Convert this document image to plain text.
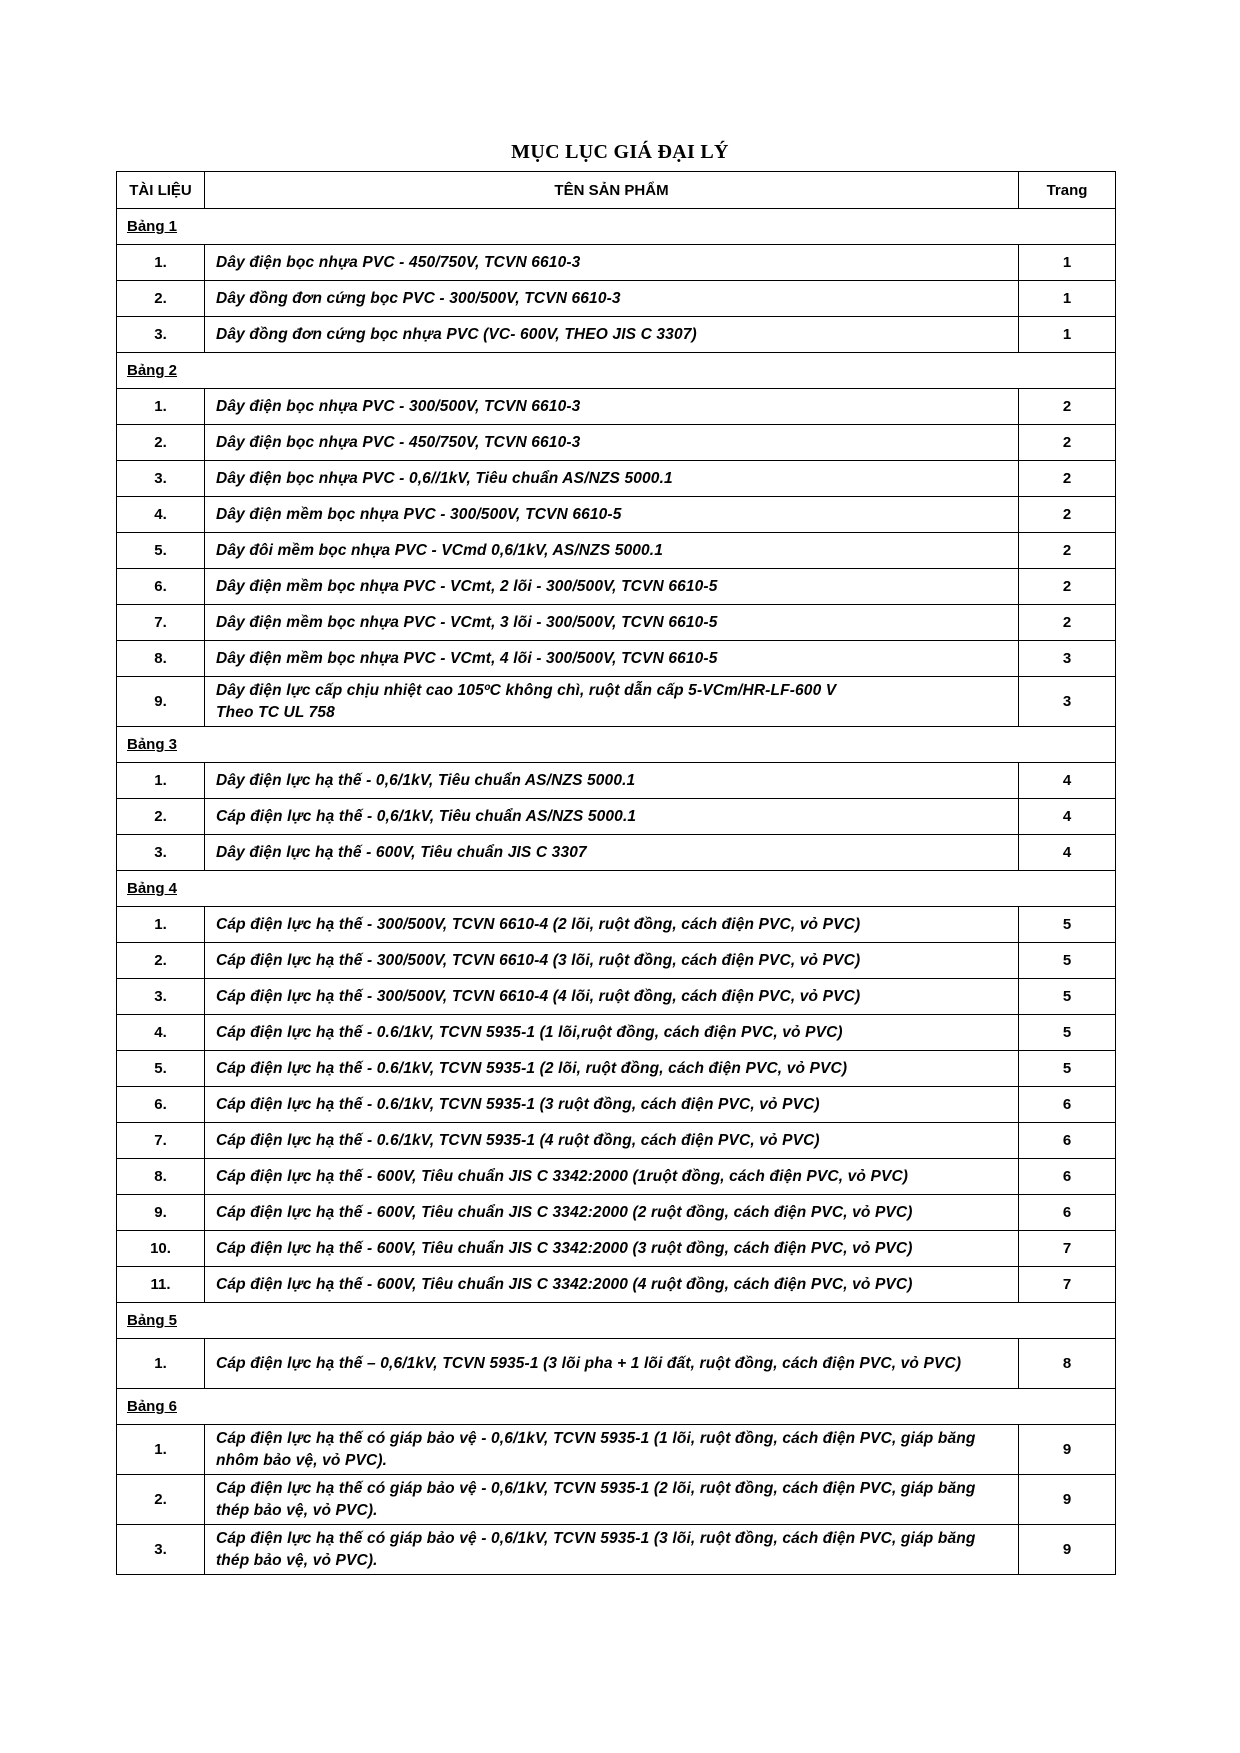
MỤC LỤC GIÁ ĐẠI LÝ
TÀI LIỆU	TÊN SẢN PHẨM	Trang
Bảng 1		
1.	Dây điện bọc nhựa PVC - 450/750V, TCVN 6610-3	1
2.	Dây đồng đơn cứng bọc PVC - 300/500V, TCVN 6610-3	1
3.	Dây đồng đơn cứng bọc nhựa PVC (VC- 600V, THEO JIS C 3307)	1
Bảng 2		
1.	Dây điện bọc nhựa PVC - 300/500V, TCVN 6610-3	2
2.	Dây điện bọc nhựa PVC - 450/750V, TCVN 6610-3	2
3.	Dây điện bọc nhựa PVC - 0,6//1kV, Tiêu chuẩn AS/NZS 5000.1	2
4.	Dây điện mềm bọc nhựa PVC - 300/500V, TCVN 6610-5	2
5.	Dây đôi mềm bọc nhựa PVC - VCmd 0,6/1kV, AS/NZS 5000.1	2
6.	Dây điện mềm bọc nhựa PVC - VCmt, 2 lõi - 300/500V, TCVN 6610-5	2
7.	Dây điện mềm bọc nhựa PVC - VCmt, 3 lõi - 300/500V, TCVN 6610-5	2
8.	Dây điện mềm bọc nhựa PVC - VCmt, 4 lõi - 300/500V, TCVN 6610-5	3
9.	Dây điện lực cấp chịu nhiệt cao 105ºC không chì, ruột dẫn cấp 5-VCm/HR-LF-600 V
Theo TC UL 758	3
Bảng 3		
1.	Dây điện lực hạ thế - 0,6/1kV, Tiêu chuẩn AS/NZS 5000.1	4
2.	Cáp điện lực hạ thế - 0,6/1kV, Tiêu chuẩn AS/NZS 5000.1	4
3.	Dây điện lực hạ thế - 600V, Tiêu chuẩn JIS C 3307	4
Bảng 4		
1.	Cáp điện lực hạ thế - 300/500V, TCVN 6610-4 (2 lõi, ruột đồng, cách điện PVC, vỏ PVC)	5
2.	Cáp điện lực hạ thế - 300/500V, TCVN 6610-4 (3 lõi, ruột đồng, cách điện PVC, vỏ PVC)	5
3.	Cáp điện lực hạ thế - 300/500V, TCVN 6610-4 (4 lõi, ruột đồng, cách điện PVC, vỏ PVC)	5
4.	Cáp điện lực hạ thế - 0.6/1kV, TCVN 5935-1 (1 lõi,ruột đồng, cách điện PVC, vỏ PVC)	5
5.	Cáp điện lực hạ thế - 0.6/1kV, TCVN 5935-1 (2 lõi, ruột đồng, cách điện PVC, vỏ PVC)	5
6.	Cáp điện lực hạ thế - 0.6/1kV, TCVN 5935-1 (3 ruột đồng, cách điện PVC, vỏ PVC)	6
7.	Cáp điện lực hạ thế - 0.6/1kV, TCVN 5935-1 (4 ruột đồng, cách điện PVC, vỏ PVC)	6
8.	Cáp điện lực hạ thế - 600V, Tiêu chuẩn JIS C 3342:2000 (1ruột đồng, cách điện PVC, vỏ PVC)	6
9.	Cáp điện lực hạ thế - 600V, Tiêu chuẩn JIS C 3342:2000 (2 ruột đồng, cách điện PVC, vỏ PVC)	6
10.	Cáp điện lực hạ thế - 600V, Tiêu chuẩn JIS C 3342:2000 (3 ruột đồng, cách điện PVC, vỏ PVC)	7
11.	Cáp điện lực hạ thế - 600V, Tiêu chuẩn JIS C 3342:2000 (4 ruột đồng, cách điện PVC, vỏ PVC)	7
Bảng 5		
1.	Cáp điện lực hạ thế – 0,6/1kV, TCVN 5935-1 (3 lõi pha + 1 lõi đất, ruột đồng, cách điện PVC, vỏ PVC)	8
Bảng 6		
1.	Cáp điện lực hạ thế có giáp bảo vệ - 0,6/1kV, TCVN 5935-1 (1 lõi, ruột đồng, cách điện PVC, giáp băng nhôm bảo vệ, vỏ PVC).	9
2.	Cáp điện lực hạ thế có giáp bảo vệ - 0,6/1kV, TCVN 5935-1 (2 lõi, ruột đồng, cách điện PVC, giáp băng thép bảo vệ, vỏ PVC).	9
3.	Cáp điện lực hạ thế có giáp bảo vệ - 0,6/1kV, TCVN 5935-1 (3 lõi, ruột đồng, cách điện PVC, giáp băng thép bảo vệ, vỏ PVC).	9
